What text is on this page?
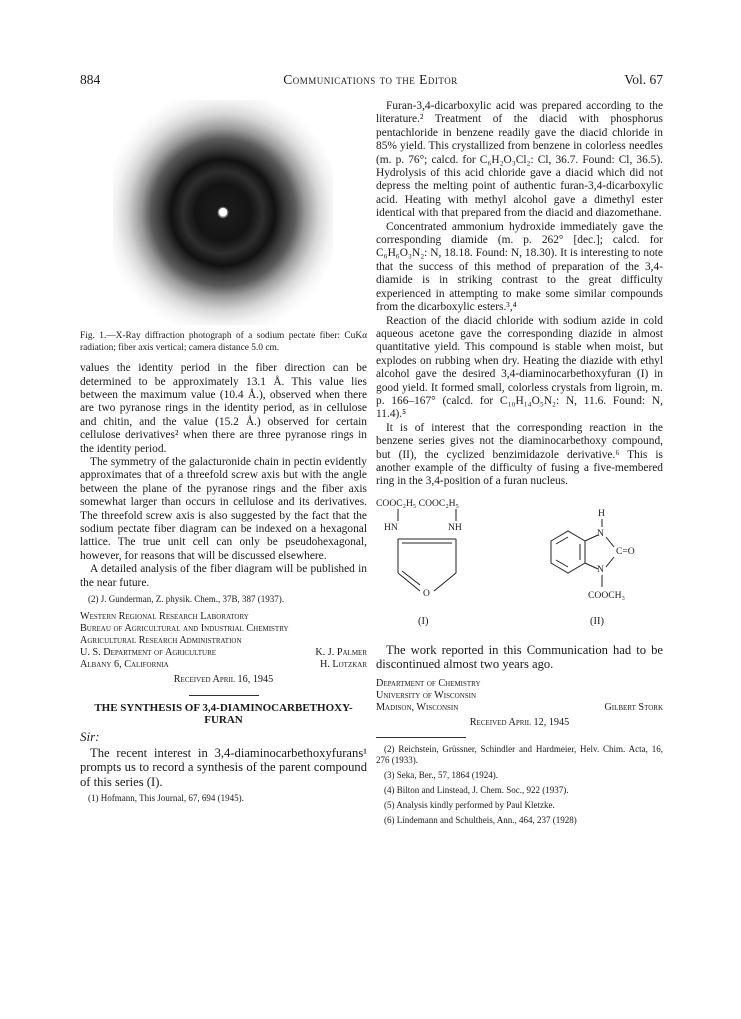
884	Communications to the Editor	Vol. 67
Fig. 1.—X-Ray diffraction photograph of a sodium pectate fiber: CuKα radiation; fiber axis vertical; camera distance 5.0 cm.

values the identity period in the fiber direction can be determined to be approximately 13.1 Å. This value lies between the maximum value (10.4 Å.), observed when there are two pyranose rings in the identity period, as in cellulose and chitin, and the value (15.2 Å.) observed for certain cellulose derivatives² when there are three pyranose rings in the identity period.

The symmetry of the galacturonide chain in pectin evidently approximates that of a threefold screw axis but with the angle between the plane of the pyranose rings and the fiber axis somewhat larger than occurs in cellulose and its derivatives. The threefold screw axis is also suggested by the fact that the sodium pectate fiber diagram can be indexed on a hexagonal lattice. The true unit cell can only be pseudohexagonal, however, for reasons that will be discussed elsewhere.

A detailed analysis of the fiber diagram will be published in the near future.

(2) J. Gunderman, Z. physik. Chem., 37B, 387 (1937).
Western Regional Research Laboratory
Bureau of Agricultural and Industrial Chemistry
Agricultural Research Administration
U. S. Department of Agriculture	K. J. Palmer
Albany 6, California	H. Lotzkar
Received April 16, 1945
THE SYNTHESIS OF 3,4-DIAMINOCARBETHOXY-FURAN
Sir:

The recent interest in 3,4-diaminocarbethoxyfurans¹ prompts us to record a synthesis of the parent compound of this series (I).

(1) Hofmann, This Journal, 67, 694 (1945).

Furan-3,4-dicarboxylic acid was prepared according to the literature.² Treatment of the diacid with phosphorus pentachloride in benzene readily gave the diacid chloride in 85% yield. This crystallized from benzene in colorless needles (m. p. 76°; calcd. for C₆H₂O₃Cl₂: Cl, 36.7. Found: Cl, 36.5). Hydrolysis of this acid chloride gave a diacid which did not depress the melting point of authentic furan-3,4-dicarboxylic acid. Heating with methyl alcohol gave a dimethyl ester identical with that prepared from the diacid and diazomethane.

Concentrated ammonium hydroxide immediately gave the corresponding diamide (m. p. 262° [dec.]; calcd. for C₆H₆O₃N₂: N, 18.18. Found: N, 18.30). It is interesting to note that the success of this method of preparation of the 3,4-diamide is in striking contrast to the great difficulty experienced in attempting to make some similar compounds from the dicarboxylic esters.³,⁴

Reaction of the diacid chloride with sodium azide in cold aqueous acetone gave the corresponding diazide in almost quantitative yield. This compound is stable when moist, but explodes on rubbing when dry. Heating the diazide with ethyl alcohol gave the desired 3,4-diaminocarbethoxyfuran (I) in good yield. It formed small, colorless crystals from ligroin, m. p. 166–167° (calcd. for C₁₀H₁₄O₅N₂: N, 11.6. Found: N, 11.4).⁵

It is of interest that the corresponding reaction in the benzene series gives not the diaminocarbethoxy compound, but (II), the cyclized benzimidazole derivative.⁶ This is another example of the difficulty of fusing a five-membered ring in the 3,4-position of a furan nucleus.

COOC₂H₅ COOC₂H₅
HN	NH
O
(I)
H
N
C=O
N
COOCH₃
(II)

The work reported in this Communication had to be discontinued almost two years ago.

Department of Chemistry
University of Wisconsin
Madison, Wisconsin	Gilbert Stork
Received April 12, 1945
(2) Reichstein, Grüssner, Schindler and Hardmeier, Helv. Chim. Acta, 16, 276 (1933).
(3) Seka, Ber., 57, 1864 (1924).
(4) Bilton and Linstead, J. Chem. Soc., 922 (1937).
(5) Analysis kindly performed by Paul Kletzke.
(6) Lindemann and Schultheis, Ann., 464, 237 (1928)
